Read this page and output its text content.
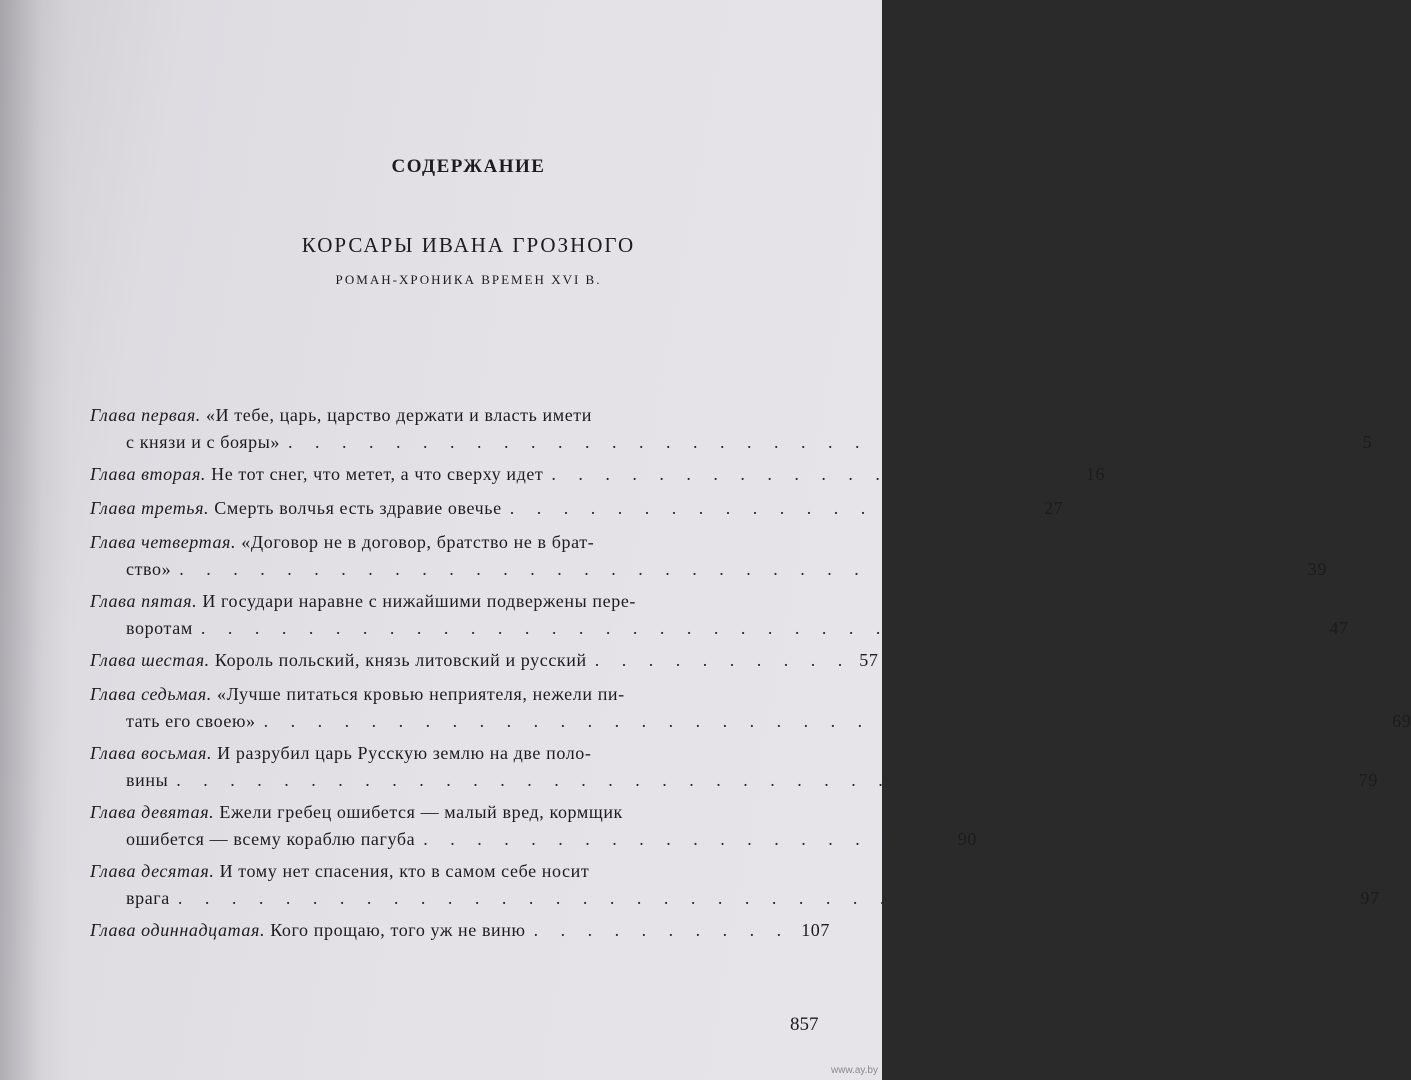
СОДЕРЖАНИЕ
КОРСАРЫ ИВАНА ГРОЗНОГО
РОМАН-ХРОНИКА ВРЕМЕН XVI В.
Глава первая. «И тебе, царь, царство держати и власть имети
с князи и с бояры» . . . . . . . . . . . . . . . . . . . . . . . . . . . . . . . . . . . . . . . . 5
Глава вторая. Не тот снег, что метет, а что сверху идет . . . . . . . . . . . . . . . . . . . . 16
Глава третья. Смерть волчья есть здравие овечье . . . . . . . . . . . . . . . . . . . . 27
Глава четвертая. «Договор не в договор, братство не в брат-
ство» . . . . . . . . . . . . . . . . . . . . . . . . . . . . . . . . . . . . . . . . . . 39
Глава пятая. И государи наравне с нижайшими подвержены пере-
воротам . . . . . . . . . . . . . . . . . . . . . . . . . . . . . . . . . . . . . . . . . . 47
Глава шестая. Король польский, князь литовский и русский . . . . . . . . . . 57
Глава седьмая. «Лучше питаться кровью неприятеля, нежели пи-
тать его своею» . . . . . . . . . . . . . . . . . . . . . . . . . . . . . . . . . . . . . . . . . . 69
Глава восьмая. И разрубил царь Русскую землю на две поло-
вины . . . . . . . . . . . . . . . . . . . . . . . . . . . . . . . . . . . . . . . . . . . . 79
Глава девятая. Ежели гребец ошибется — малый вред, кормщик
ошибется — всему кораблю пагуба . . . . . . . . . . . . . . . . . . . . 90
Глава десятая. И тому нет спасения, кто в самом себе носит
врага . . . . . . . . . . . . . . . . . . . . . . . . . . . . . . . . . . . . . . . . . . . . 97
Глава одиннадцатая. Кого прощаю, того уж не виню . . . . . . . . . . 107
857
www.ay.by
